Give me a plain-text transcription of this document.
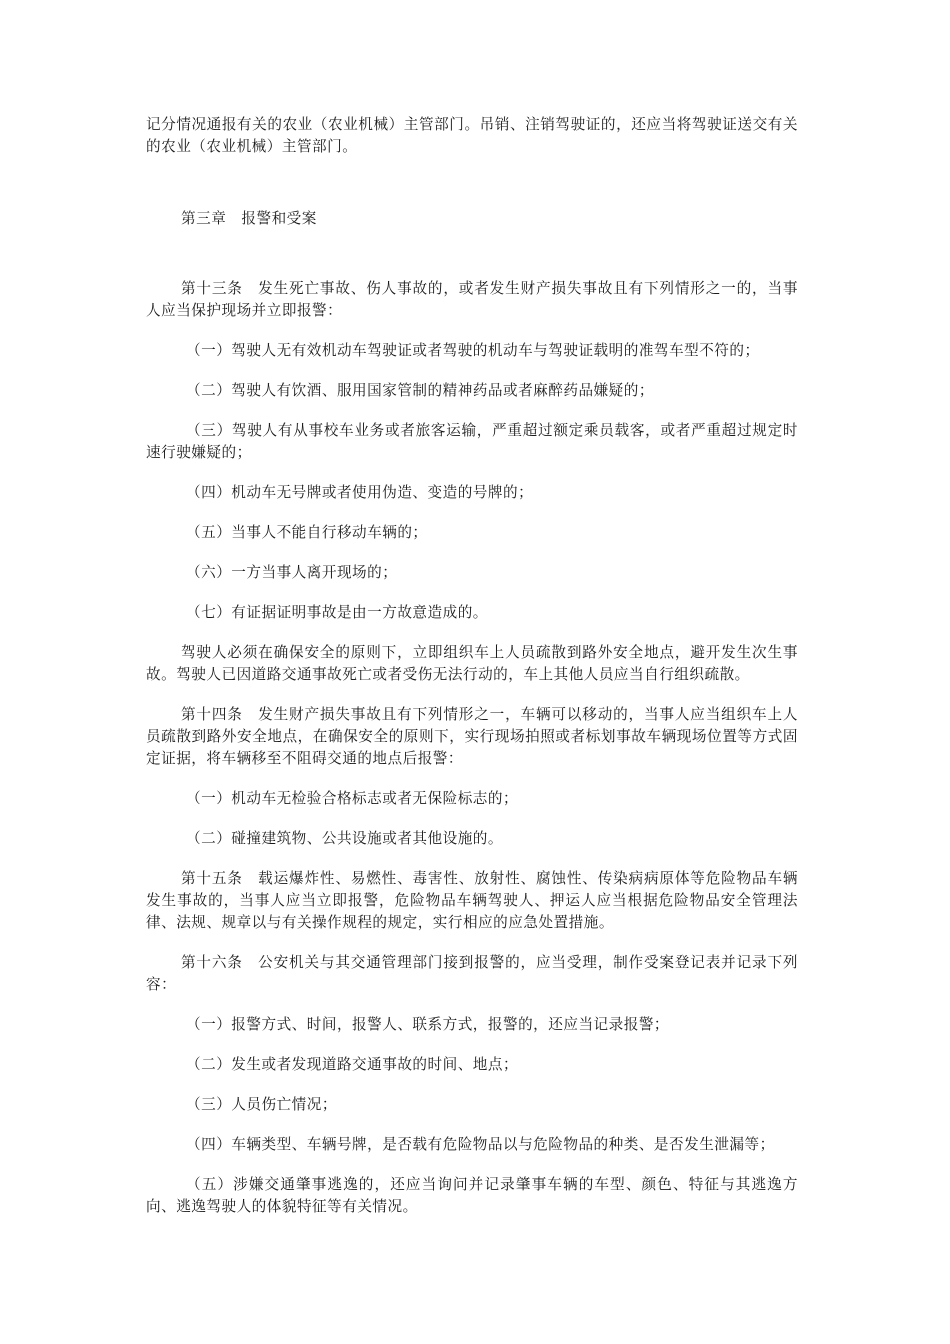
记分情况通报有关的农业（农业机械）主管部门。吊销、注销驾驶证的，还应当将驾驶证送交有关的农业（农业机械）主管部门。

第三章　报警和受案

第十三条　发生死亡事故、伤人事故的，或者发生财产损失事故且有下列情形之一的，当事人应当保护现场并立即报警：

（一）驾驶人无有效机动车驾驶证或者驾驶的机动车与驾驶证载明的准驾车型不符的；

（二）驾驶人有饮酒、服用国家管制的精神药品或者麻醉药品嫌疑的；

（三）驾驶人有从事校车业务或者旅客运输，严重超过额定乘员载客，或者严重超过规定时速行驶嫌疑的；

（四）机动车无号牌或者使用伪造、变造的号牌的；

（五）当事人不能自行移动车辆的；

（六）一方当事人离开现场的；

（七）有证据证明事故是由一方故意造成的。

驾驶人必须在确保安全的原则下，立即组织车上人员疏散到路外安全地点，避开发生次生事故。驾驶人已因道路交通事故死亡或者受伤无法行动的，车上其他人员应当自行组织疏散。

第十四条　发生财产损失事故且有下列情形之一，车辆可以移动的，当事人应当组织车上人员疏散到路外安全地点，在确保安全的原则下，实行现场拍照或者标划事故车辆现场位置等方式固定证据，将车辆移至不阻碍交通的地点后报警：

（一）机动车无检验合格标志或者无保险标志的；

（二）碰撞建筑物、公共设施或者其他设施的。

第十五条　载运爆炸性、易燃性、毒害性、放射性、腐蚀性、传染病病原体等危险物品车辆发生事故的，当事人应当立即报警，危险物品车辆驾驶人、押运人应当根据危险物品安全管理法律、法规、规章以与有关操作规程的规定，实行相应的应急处置措施。

第十六条　公安机关与其交通管理部门接到报警的，应当受理，制作受案登记表并记录下列容：

（一）报警方式、时间，报警人、联系方式，报警的，还应当记录报警；

（二）发生或者发现道路交通事故的时间、地点；

（三）人员伤亡情况；

（四）车辆类型、车辆号牌，是否载有危险物品以与危险物品的种类、是否发生泄漏等；

（五）涉嫌交通肇事逃逸的，还应当询问并记录肇事车辆的车型、颜色、特征与其逃逸方向、逃逸驾驶人的体貌特征等有关情况。
